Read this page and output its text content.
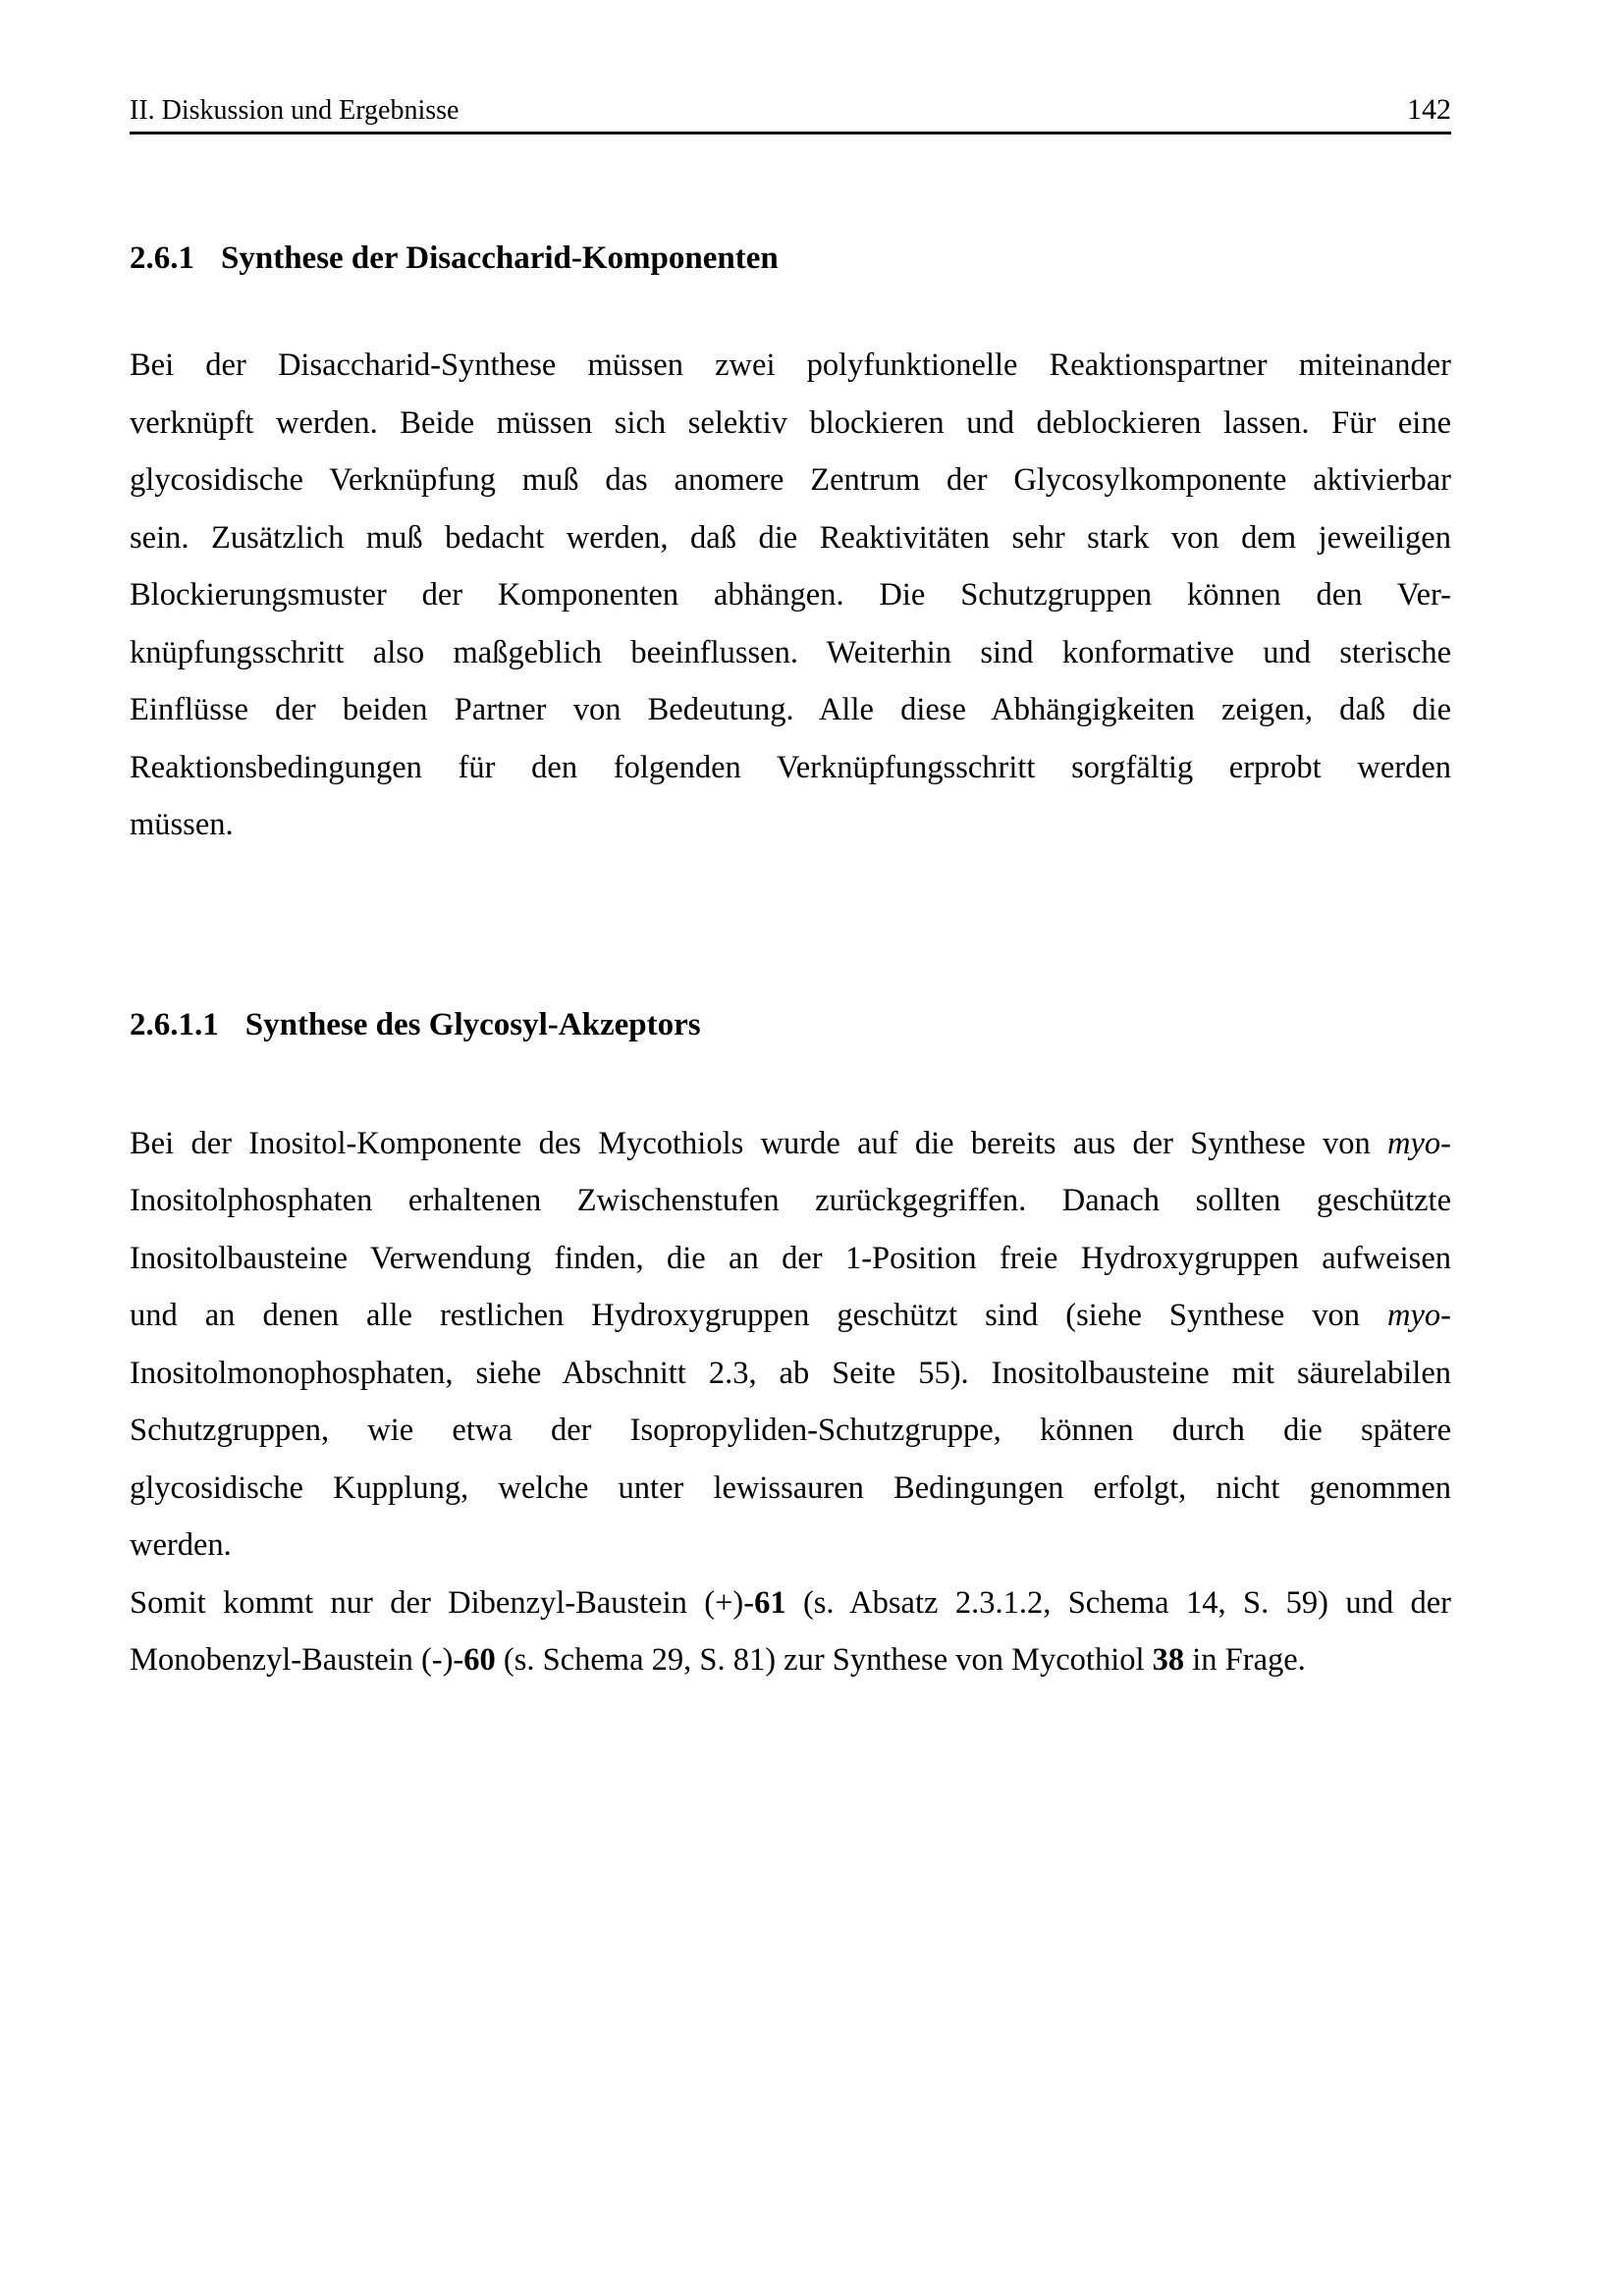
II. Diskussion und Ergebnisse	142
2.6.1 Synthese der Disaccharid-Komponenten
Bei der Disaccharid-Synthese müssen zwei polyfunktionelle Reaktionspartner miteinander
verknüpft werden. Beide müssen sich selektiv blockieren und deblockieren lassen. Für eine
glycosidische Verknüpfung muß das anomere Zentrum der Glycosylkomponente aktivierbar
sein. Zusätzlich muß bedacht werden, daß die Reaktivitäten sehr stark von dem jeweiligen
Blockierungsmuster der Komponenten abhängen. Die Schutzgruppen können den Ver-
knüpfungsschritt also maßgeblich beeinflussen. Weiterhin sind konformative und sterische
Einflüsse der beiden Partner von Bedeutung. Alle diese Abhängigkeiten zeigen, daß die
Reaktionsbedingungen für den folgenden Verknüpfungsschritt sorgfältig erprobt werden
müssen.
2.6.1.1 Synthese des Glycosyl-Akzeptors
Bei der Inositol-Komponente des Mycothiols wurde auf die bereits aus der Synthese von myo-
Inositolphosphaten erhaltenen Zwischenstufen zurückgegriffen. Danach sollten geschützte
Inositolbausteine Verwendung finden, die an der 1-Position freie Hydroxygruppen aufweisen
und an denen alle restlichen Hydroxygruppen geschützt sind (siehe Synthese von myo-
Inositolmonophosphaten, siehe Abschnitt 2.3, ab Seite 55). Inositolbausteine mit säurelabilen
Schutzgruppen, wie etwa der Isopropyliden-Schutzgruppe, können durch die spätere
glycosidische Kupplung, welche unter lewissauren Bedingungen erfolgt, nicht genommen
werden.
Somit kommt nur der Dibenzyl-Baustein (+)-61 (s. Absatz 2.3.1.2, Schema 14, S. 59) und der
Monobenzyl-Baustein (-)-60 (s. Schema 29, S. 81) zur Synthese von Mycothiol 38 in Frage.
